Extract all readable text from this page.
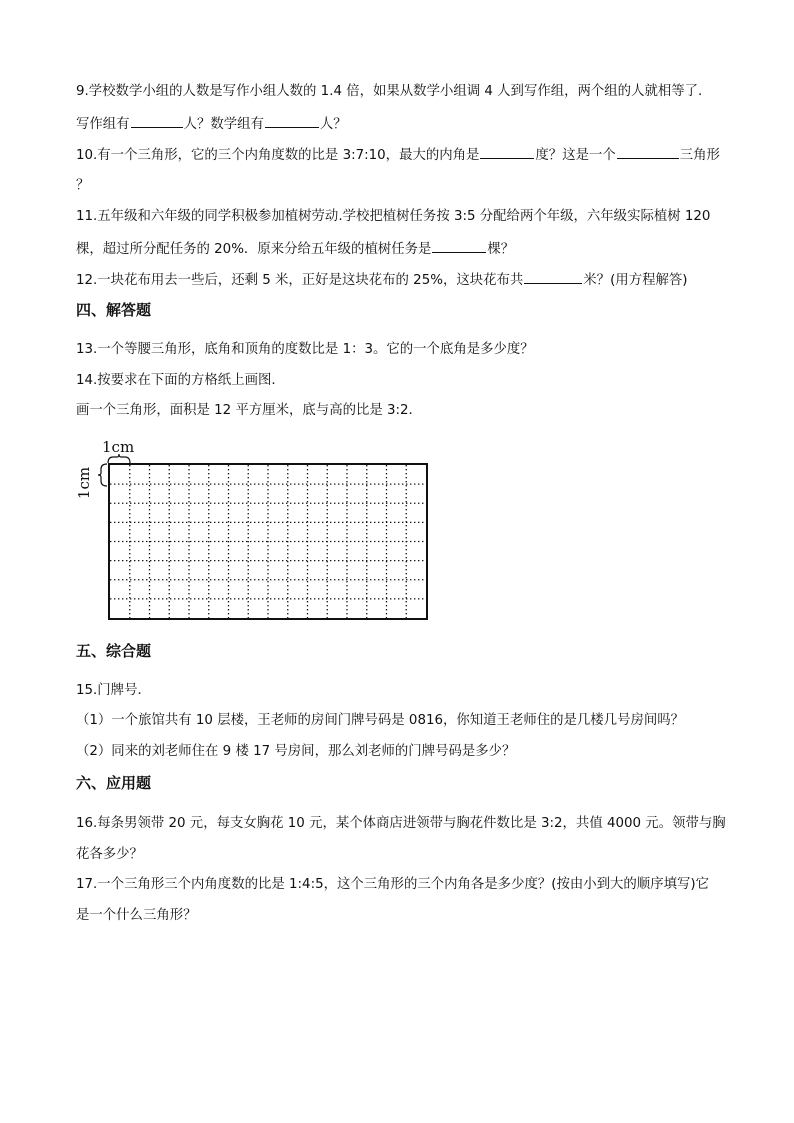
9.学校数学小组的人数是写作小组人数的 1.4 倍，如果从数学小组调 4 人到写作组，两个组的人就相等了.
写作组有	人？数学组有	人？
10.有一个三角形，它的三个内角度数的比是 3:7:10，最大的内角是	度？这是一个	三角形
？
11.五年级和六年级的同学积极参加植树劳动.学校把植树任务按 3:5 分配给两个年级，六年级实际植树 120
棵，超过所分配任务的 20%．原来分给五年级的植树任务是	棵？
12.一块花布用去一些后，还剩 5 米，正好是这块花布的 25%，这块花布共	米？(用方程解答)
四、解答题
13.一个等腰三角形，底角和顶角的度数比是 1：3。它的一个底角是多少度？
14.按要求在下面的方格纸上画图.
画一个三角形，面积是 12 平方厘米，底与高的比是 3:2．
1cm
1cm
五、综合题
15.门牌号．
（1）一个旅馆共有 10 层楼，王老师的房间门牌号码是 0816，你知道王老师住的是几楼几号房间吗？
（2）同来的刘老师住在 9 楼 17 号房间，那么刘老师的门牌号码是多少？
六、应用题
16.每条男领带 20 元，每支女胸花 10 元，某个体商店进领带与胸花件数比是 3:2，共值 4000 元。领带与胸
花各多少？
17.一个三角形三个内角度数的比是 1:4:5，这个三角形的三个内角各是多少度？(按由小到大的顺序填写)它
是一个什么三角形？
